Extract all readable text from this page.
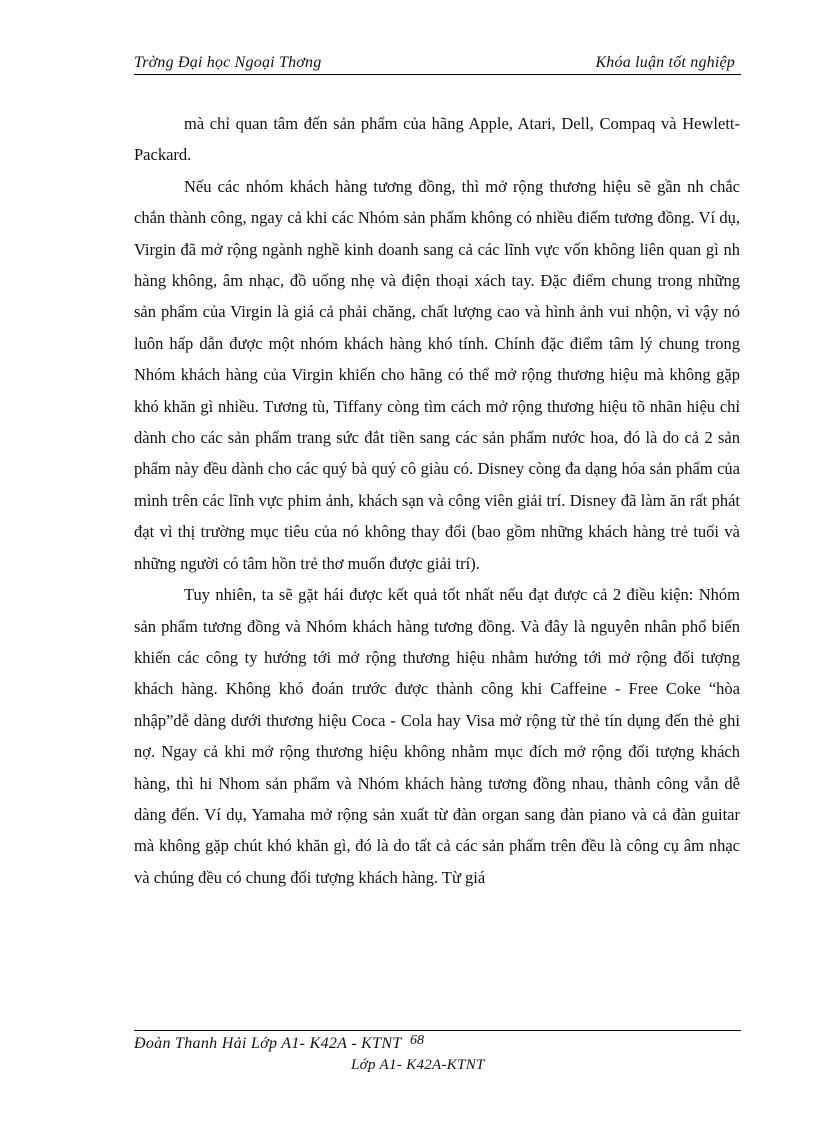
Trờng Đại học Ngoại Thơng	Khóa luận tốt nghiệp

mà chỉ quan tâm đến sản phẩm của hãng Apple, Atari, Dell, Compaq và Hewlett-Packard.

Nếu các nhóm khách hàng tương đồng, thì mở rộng thương hiệu sẽ gần nh chắc chắn thành công, ngay cả khi các Nhóm sản phẩm không có nhiều điểm tương đồng. Ví dụ, Virgin đã mở rộng ngành nghề kinh doanh sang cả các lĩnh vực vốn không liên quan gì nh hàng không, âm nhạc, đồ uống nhẹ và điện thoại xách tay. Đặc điểm chung trong những sản phẩm của Virgin là giá cả phải chăng, chất lượng cao và hình ảnh vui nhộn, vì vậy nó luôn hấp dẫn được một nhóm khách hàng khó tính. Chính đặc điểm tâm lý chung trong Nhóm khách hàng của Virgin khiến cho hãng có thể mở rộng thương hiệu mà không gặp khó khăn gì nhiều. Tương tù, Tiffany còng tìm cách mở rộng thương hiệu tõ nhãn hiệu chỉ dành cho các sản phẩm trang sức đắt tiền sang các sản phẩm nước hoa, đó là do cả 2 sản phẩm này đều dành cho các quý bà quý cô giàu có. Disney còng đa dạng hóa sản phẩm của mình trên các lĩnh vực phim ảnh, khách sạn và công viên giải trí. Disney đã làm ăn rất phát đạt vì thị trường mục tiêu của nó không thay đổi (bao gồm những khách hàng trẻ tuổi và những người có tâm hồn trẻ thơ muốn được giải trí).

Tuy nhiên, ta sẽ gặt hái được kết quả tốt nhất nếu đạt được cả 2 điều kiện: Nhóm sản phẩm tương đồng và Nhóm khách hàng tương đồng. Và đây là nguyên nhân phổ biến khiến các công ty hướng tới mở rộng thương hiệu nhằm hướng tới mở rộng đối tượng khách hàng. Không khó đoán trước được thành công khi Caffeine - Free Coke “hòa nhập”dễ dàng dưới thương hiệu Coca - Cola hay Visa mở rộng từ thẻ tín dụng đến thẻ ghi nợ. Ngay cả khi mở rộng thương hiệu không nhằm mục đích mở rộng đối tượng khách hàng, thì hi Nhom sản phẩm và Nhóm khách hàng tương đồng nhau, thành công vẫn dễ dàng đến. Ví dụ, Yamaha mở rộng sản xuất từ đàn organ sang đàn piano và cả đàn guitar mà không gặp chút khó khăn gì, đó là do tất cả các sản phẩm trên đều là công cụ âm nhạc và chúng đều có chung đối tượng khách hàng. Từ giá

Đoàn Thanh Hải Lớp A1- K42A - KTNT 68
Lớp A1- K42A-KTNT
